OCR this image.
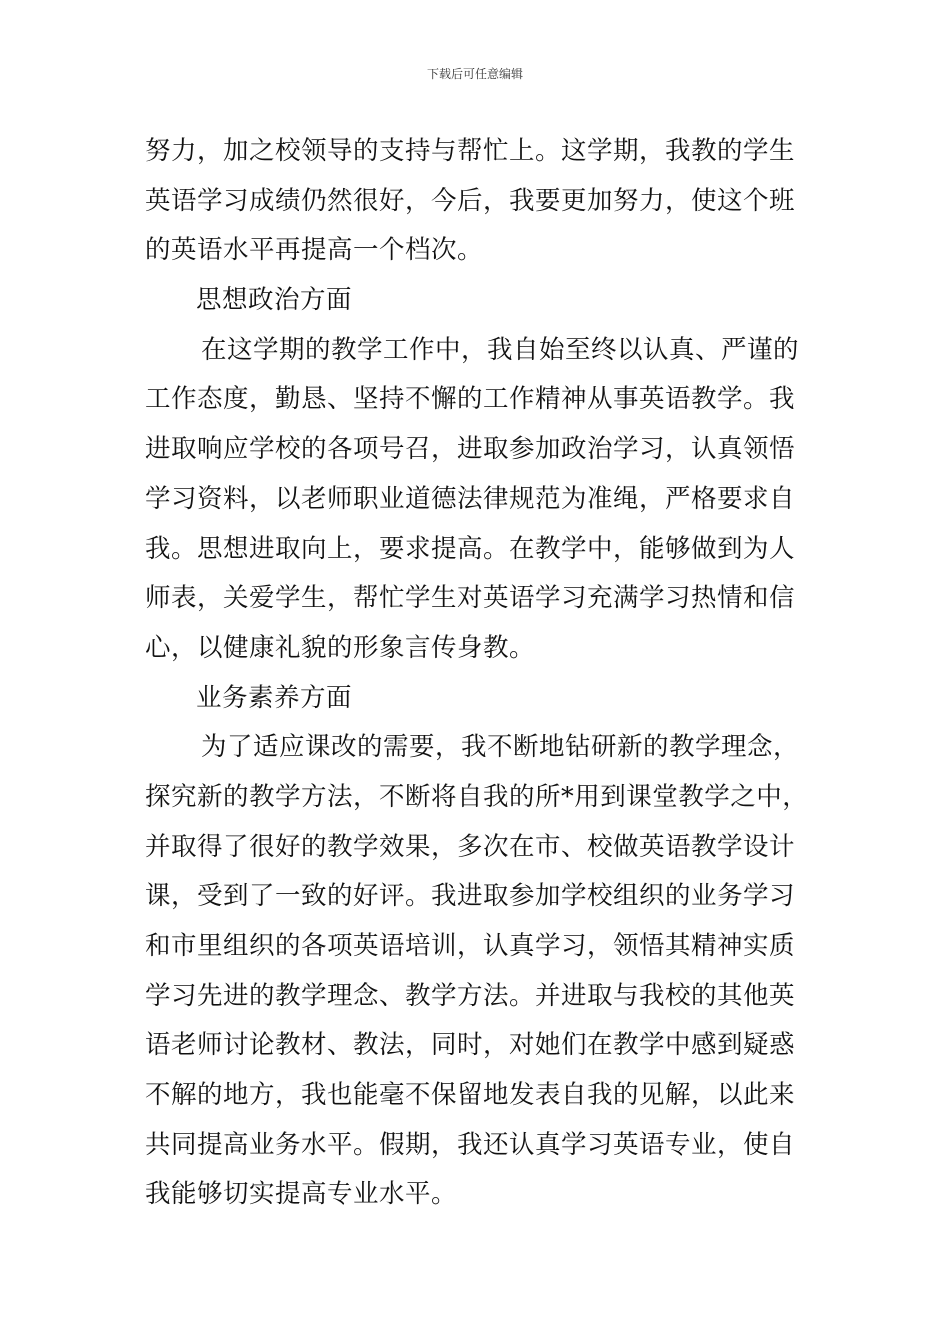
下载后可任意编辑
努力，加之校领导的支持与帮忙上。这学期，我教的学生
英语学习成绩仍然很好，今后，我要更加努力，使这个班
的英语水平再提高一个档次。
思想政治方面
在这学期的教学工作中，我自始至终以认真、严谨的
工作态度，勤恳、坚持不懈的工作精神从事英语教学。我
进取响应学校的各项号召，进取参加政治学习，认真领悟
学习资料，以老师职业道德法律规范为准绳，严格要求自
我。思想进取向上，要求提高。在教学中，能够做到为人
师表，关爱学生，帮忙学生对英语学习充满学习热情和信
心，以健康礼貌的形象言传身教。
业务素养方面
为了适应课改的需要，我不断地钻研新的教学理念，
探究新的教学方法，不断将自我的所*用到课堂教学之中，
并取得了很好的教学效果，多次在市、校做英语教学设计
课，受到了一致的好评。我进取参加学校组织的业务学习
和市里组织的各项英语培训，认真学习，领悟其精神实质
学习先进的教学理念、教学方法。并进取与我校的其他英
语老师讨论教材、教法，同时，对她们在教学中感到疑惑
不解的地方，我也能毫不保留地发表自我的见解，以此来
共同提高业务水平。假期，我还认真学习英语专业，使自
我能够切实提高专业水平。
